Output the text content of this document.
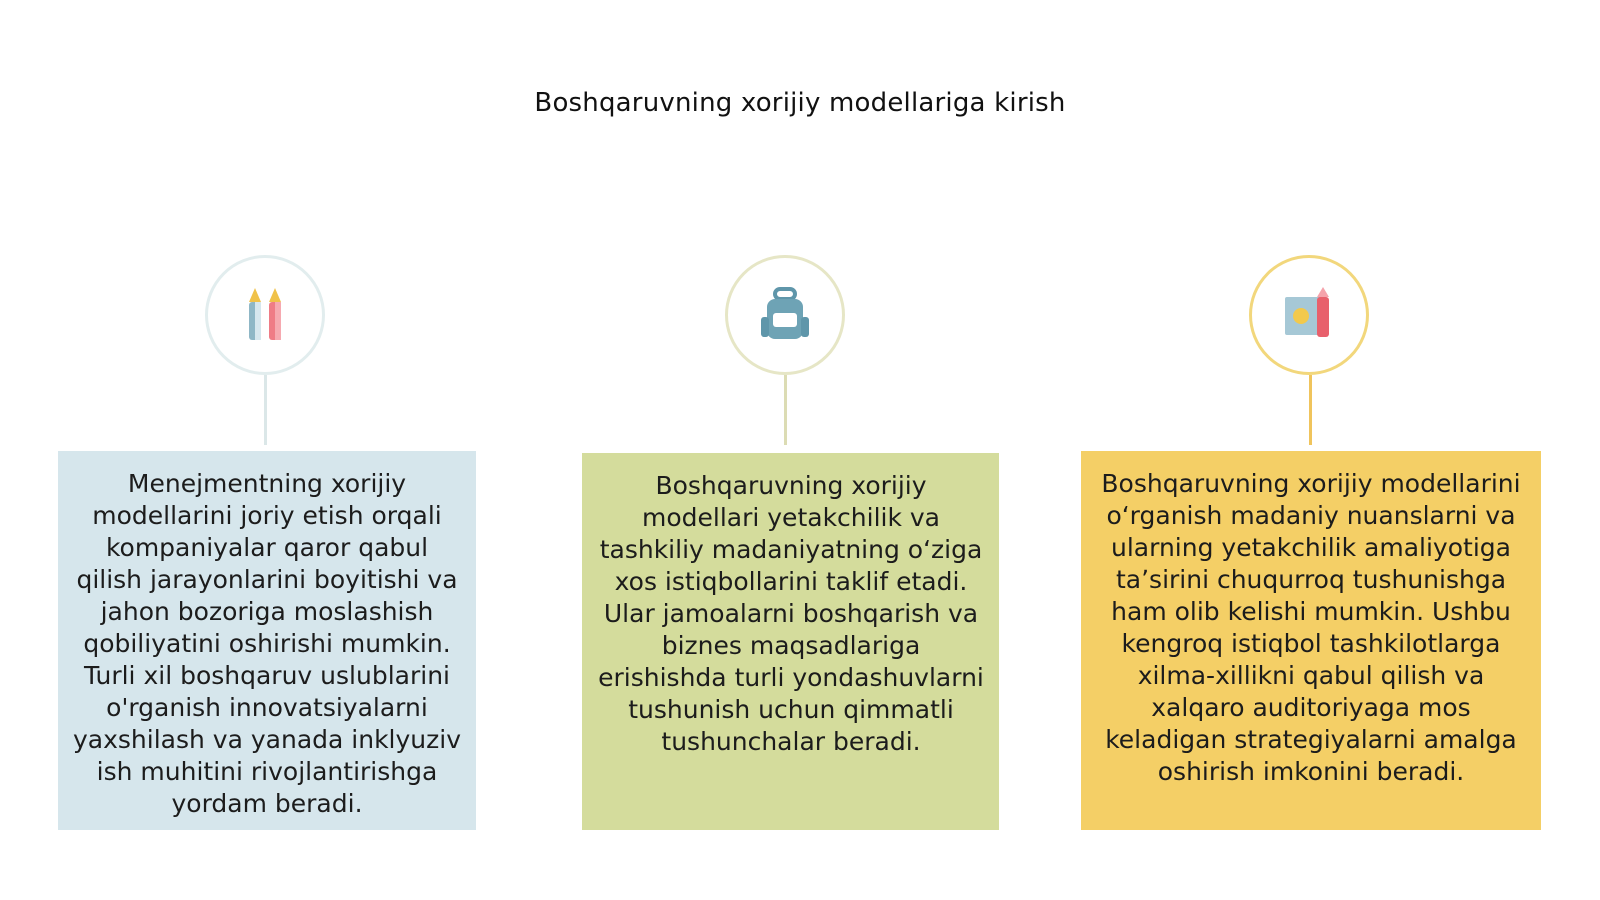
Boshqaruvning xorijiy modellariga kirish
Menejmentning xorijiy modellarini joriy etish orqali kompaniyalar qaror qabul qilish jarayonlarini boyitishi va jahon bozoriga moslashish qobiliyatini oshirishi mumkin. Turli xil boshqaruv uslublarini o'rganish innovatsiyalarni yaxshilash va yanada inklyuziv ish muhitini rivojlantirishga yordam beradi.
Boshqaruvning xorijiy modellari yetakchilik va tashkiliy madaniyatning oʻziga xos istiqbollarini taklif etadi. Ular jamoalarni boshqarish va biznes maqsadlariga erishishda turli yondashuvlarni tushunish uchun qimmatli tushunchalar beradi.
Boshqaruvning xorijiy modellarini oʻrganish madaniy nuanslarni va ularning yetakchilik amaliyotiga taʼsirini chuqurroq tushunishga ham olib kelishi mumkin. Ushbu kengroq istiqbol tashkilotlarga xilma-xillikni qabul qilish va xalqaro auditoriyaga mos keladigan strategiyalarni amalga oshirish imkonini beradi.
